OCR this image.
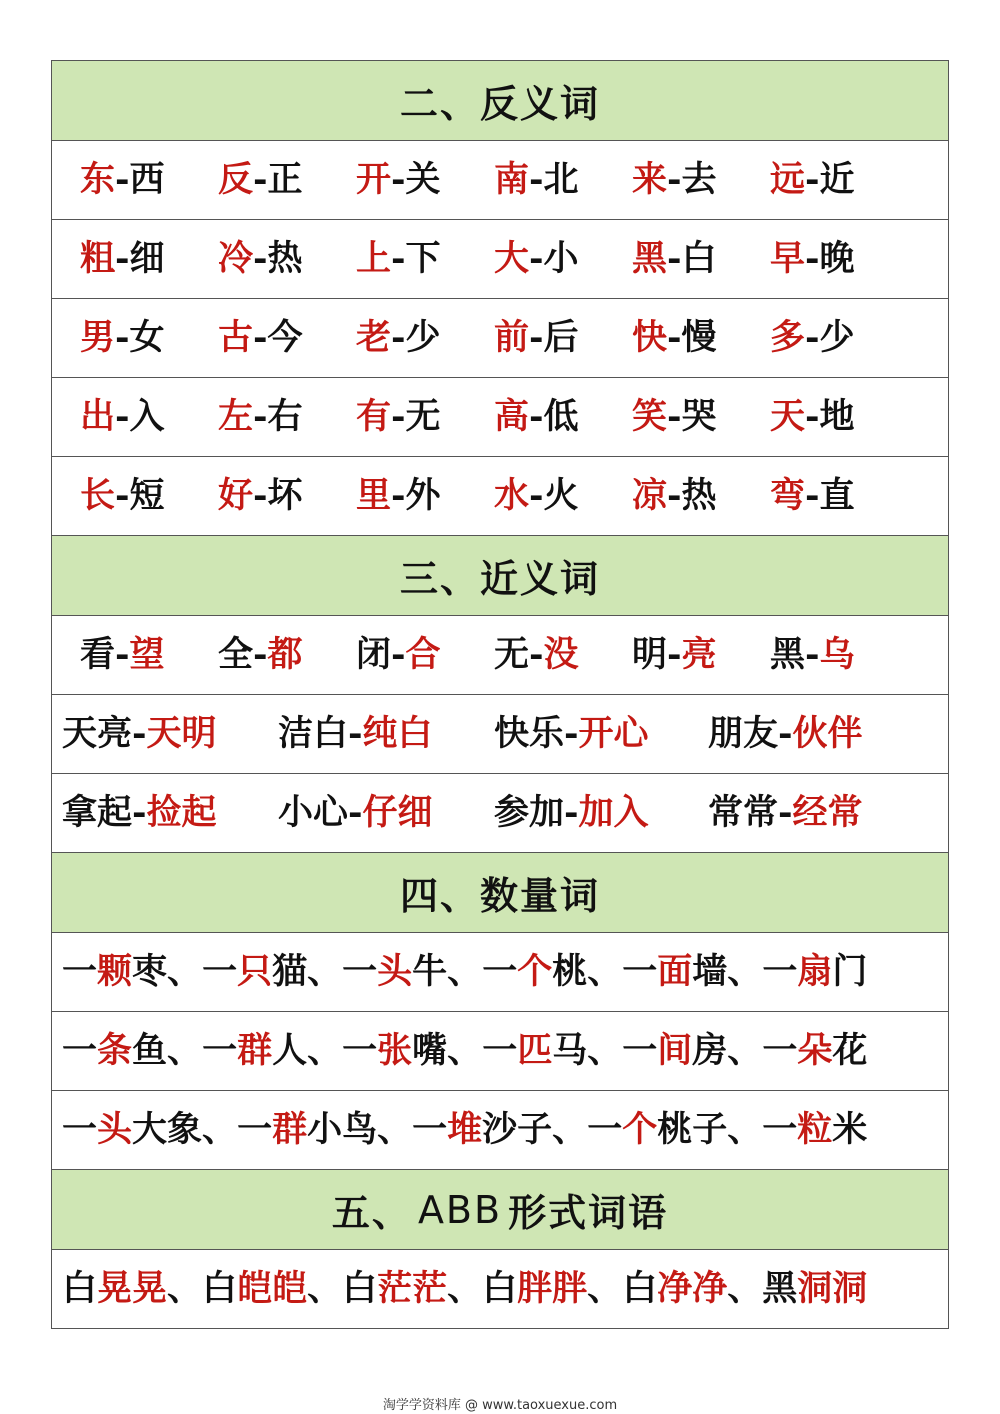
二、反义词
东-西 反-正 开-关 南-北 来-去 远-近
粗-细 冷-热 上-下 大-小 黑-白 早-晚
男-女 古-今 老-少 前-后 快-慢 多-少
出-入 左-右 有-无 高-低 笑-哭 天-地
长-短 好-坏 里-外 水-火 凉-热 弯-直
三、近义词
看-望 全-都 闭-合 无-没 明-亮 黑-乌
天亮-天明 洁白-纯白 快乐-开心 朋友-伙伴
拿起-捡起 小心-仔细 参加-加入 常常-经常
四、数量词
一颗枣、一只猫、一头牛、一个桃、一面墙、一扇门
一条鱼、一群人、一张嘴、一匹马、一间房、一朵花
一头大象、一群小鸟、一堆沙子、一个桃子、一粒米
五 、 ABB 形式词语
白晃晃、白皑皑、白茫茫、白胖胖、白净净、黑洞洞
淘学学资料库 @ www.taoxuexue.com
